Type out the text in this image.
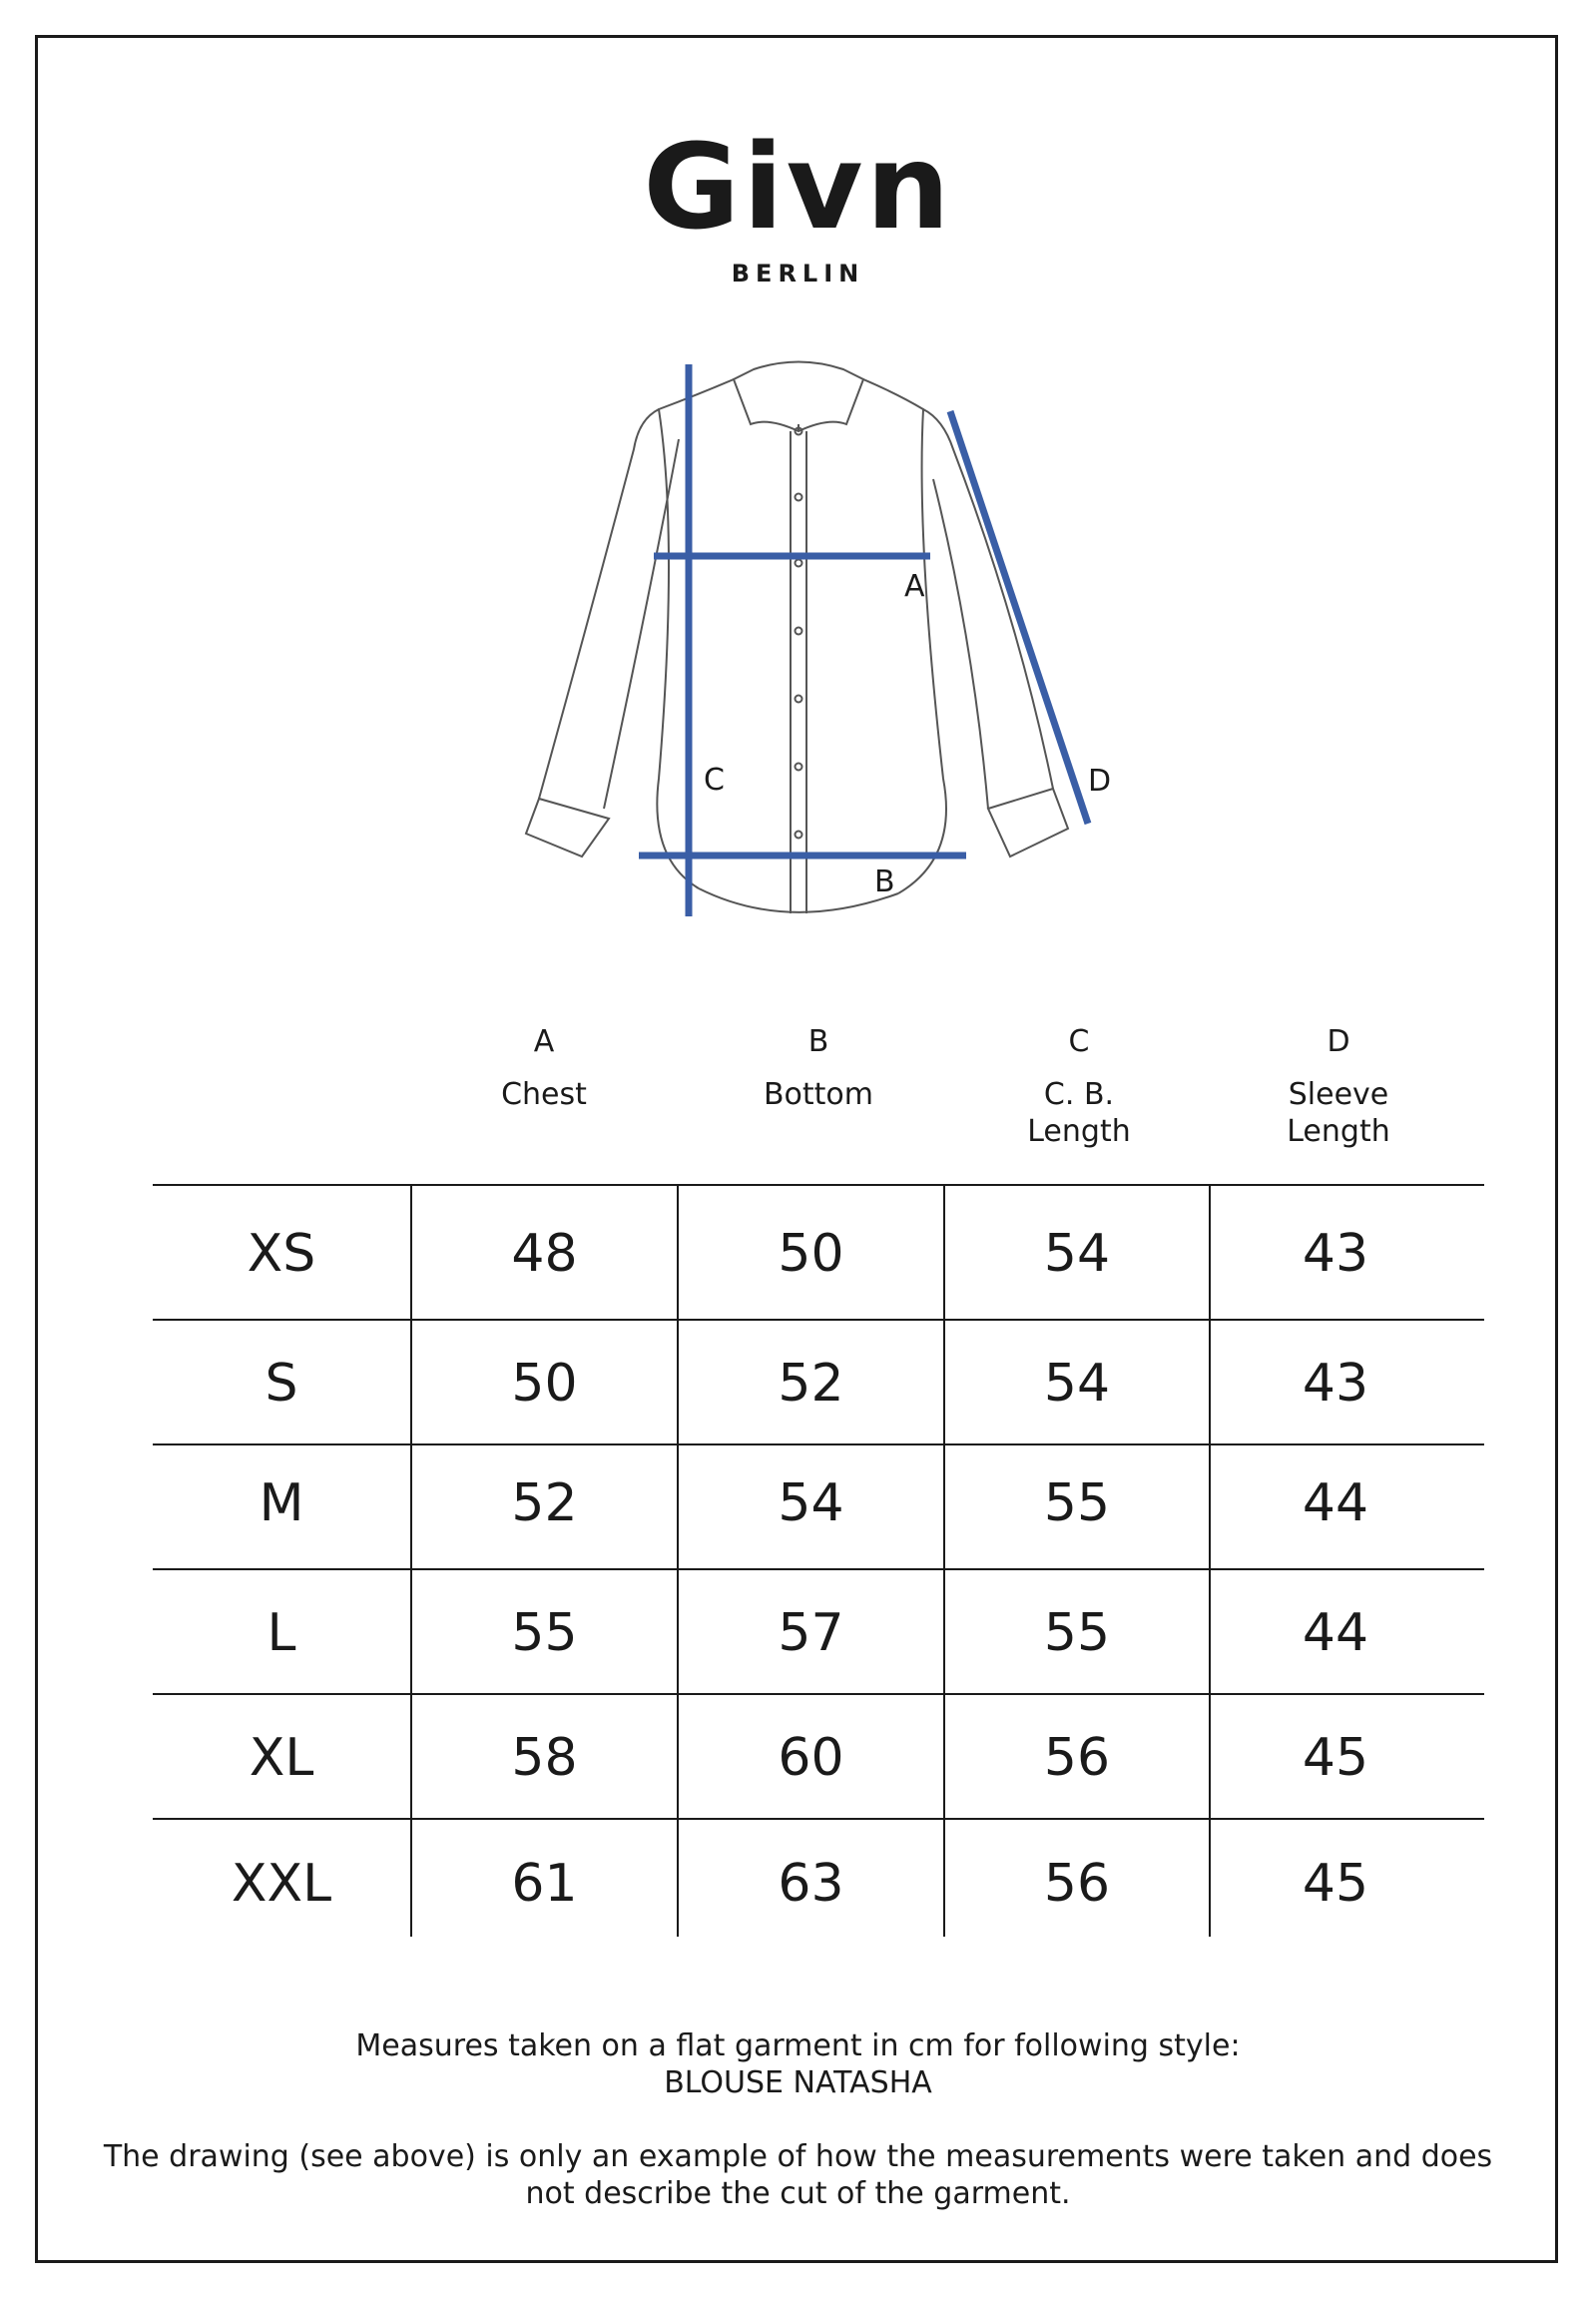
Givn
BERLIN
A
B
C	D
A
Chest
B
Bottom
C
C. B.
Length
D
Sleeve
Length
XS	48	50	54	43
S	50	52	54	43
M	52	54	55	44
L	55	57	55	44
XL	58	60	56	45
XXL	61	63	56	45
Measures taken on a flat garment in cm for following style:
BLOUSE NATASHA
The drawing (see above) is only an example of how the measurements were taken and does
not describe the cut of the garment.
